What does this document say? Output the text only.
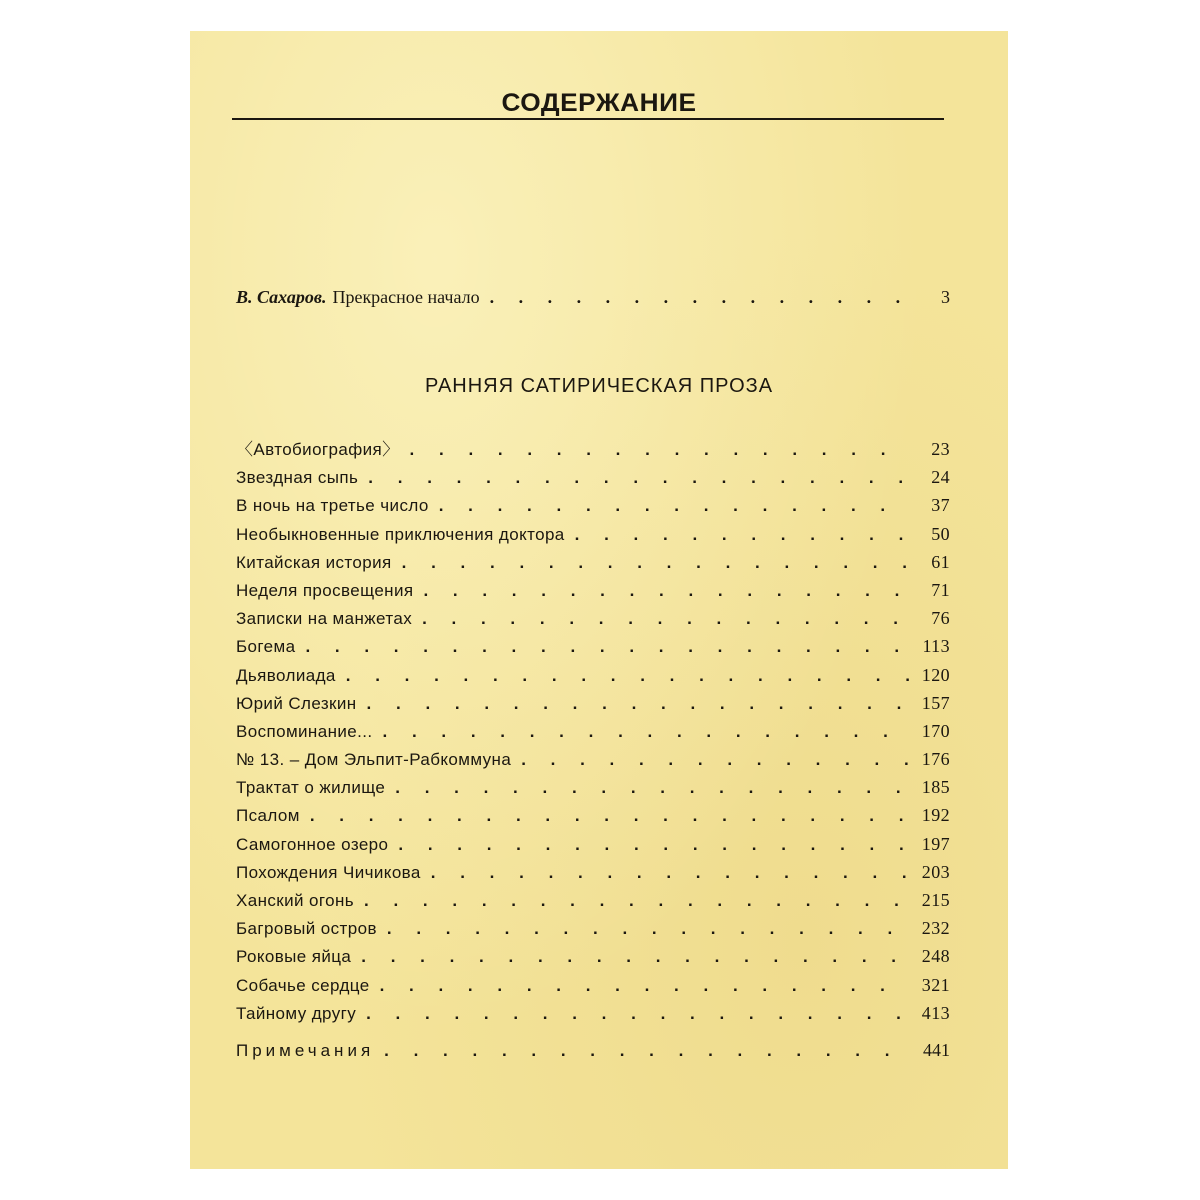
СОДЕРЖАНИЕ
В. Сахаров. Прекрасное начало . . .	3
РАННЯЯ САТИРИЧЕСКАЯ ПРОЗА
〈Автобиография〉 . . .	23
Звездная сыпь . . .	24
В ночь на третье число . . .	37
Необыкновенные приключения доктора . . .	50
Китайская история . . .	61
Неделя просвещения . . .	71
Записки на манжетах . . .	76
Богема . . .	113
Дьяволиада . . .	120
Юрий Слезкин . . .	157
Воспоминание... . . .	170
№ 13. – Дом Эльпит-Рабкоммуна . . .	176
Трактат о жилище . . .	185
Псалом . . .	192
Самогонное озеро . . .	197
Похождения Чичикова . . .	203
Ханский огонь . . .	215
Багровый остров . . .	232
Роковые яйца . . .	248
Собачье сердце . . .	321
Тайному другу . . .	413
Примечания . . .	441
